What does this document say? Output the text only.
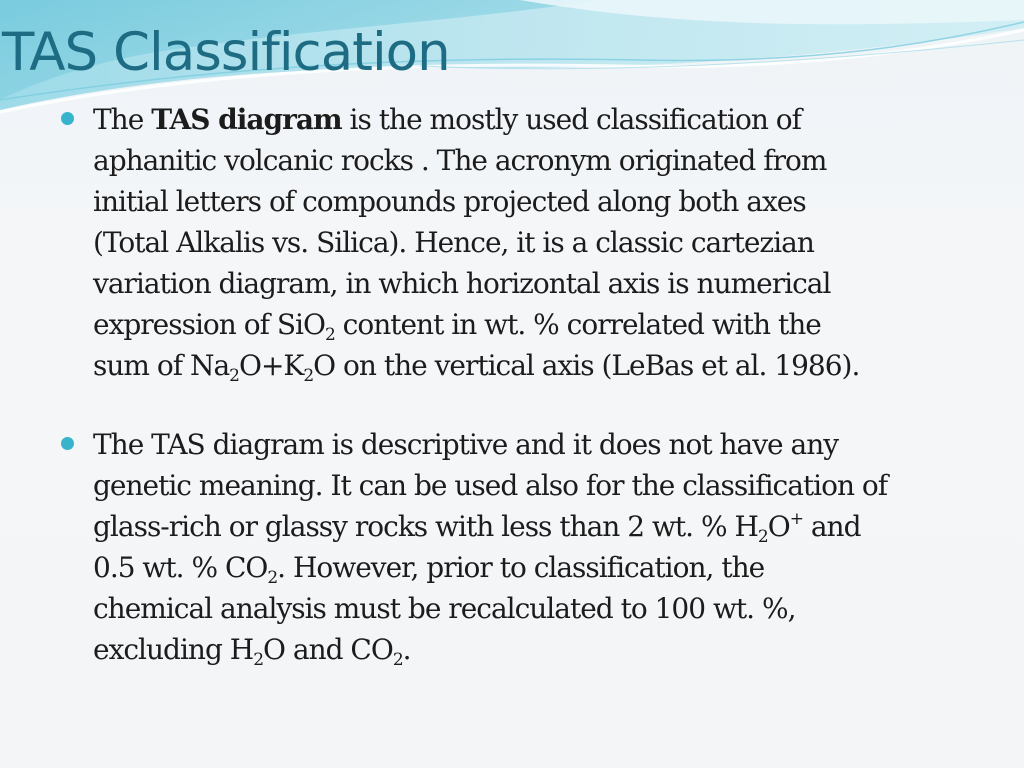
TAS Classification
The TAS diagram is the mostly used classification of
aphanitic volcanic rocks . The acronym originated from
initial letters of compounds projected along both axes
(Total Alkalis vs. Silica). Hence, it is a classic cartezian
variation diagram, in which horizontal axis is numerical
expression of SiO$_2$ content in wt. % correlated with the
sum of $Na_2O+K_2O$ on the vertical axis (LeBas et al. 1986).
The TAS diagram is descriptive and it does not have any
genetic meaning. It can be used also for the classification of
glass-rich or glassy rocks with less than 2 wt. % $H_2O^+$ and
0.5 wt. % $CO_2$. However, prior to classification, the
chemical analysis must be recalculated to 100 wt. %,
excluding $H_2O$ and $CO_2$.
